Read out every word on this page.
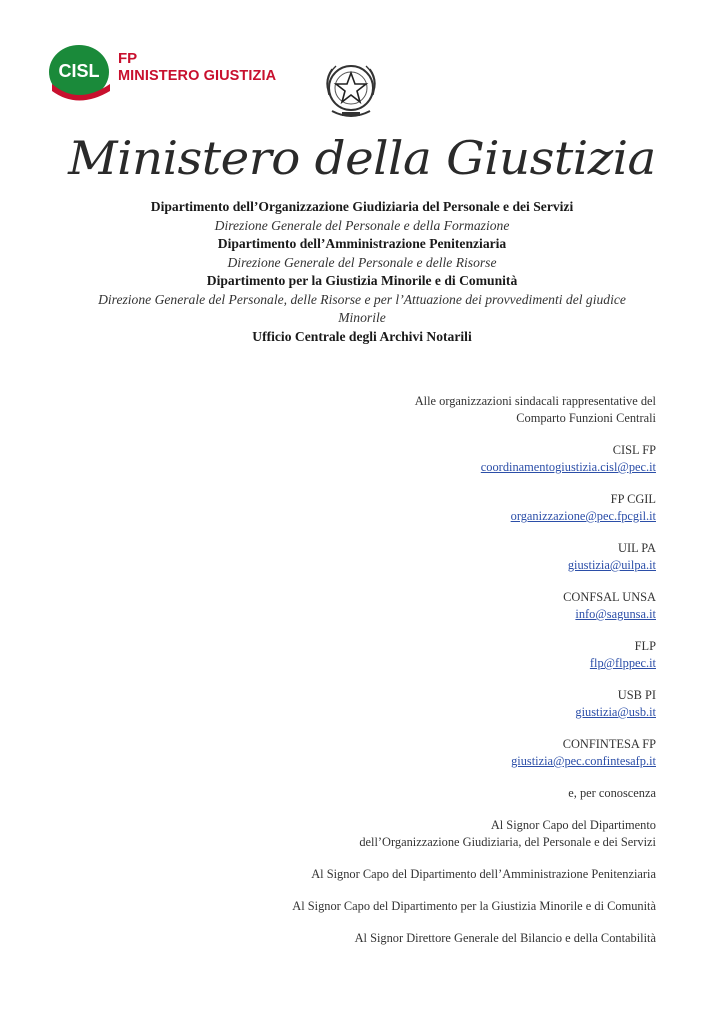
CISL
FP
MINISTERO GIUSTIZIA
Ministero della Giustizia
Dipartimento dell’Organizzazione Giudiziaria del Personale e dei Servizi
Direzione Generale del Personale e della Formazione
Dipartimento dell’Amministrazione Penitenziaria
Direzione Generale del Personale e delle Risorse
Dipartimento per la Giustizia Minorile e di Comunità
Direzione Generale del Personale, delle Risorse e per l’Attuazione dei provvedimenti del giudice
Minorile
Ufficio Centrale degli Archivi Notarili
Alle organizzazioni sindacali rappresentative del
Comparto Funzioni Centrali
CISL FP
coordinamentogiustizia.cisl@pec.it
FP CGIL
organizzazione@pec.fpcgil.it
UIL PA
giustizia@uilpa.it
CONFSAL UNSA
info@sagunsa.it
FLP
flp@flppec.it
USB PI
giustizia@usb.it
CONFINTESA FP
giustizia@pec.confintesafp.it
e, per conoscenza
Al Signor Capo del Dipartimento
dell’Organizzazione Giudiziaria, del Personale e dei Servizi
Al Signor Capo del Dipartimento dell’Amministrazione Penitenziaria
Al Signor Capo del Dipartimento per la Giustizia Minorile e di Comunità
Al Signor Direttore Generale del Bilancio e della Contabilità
